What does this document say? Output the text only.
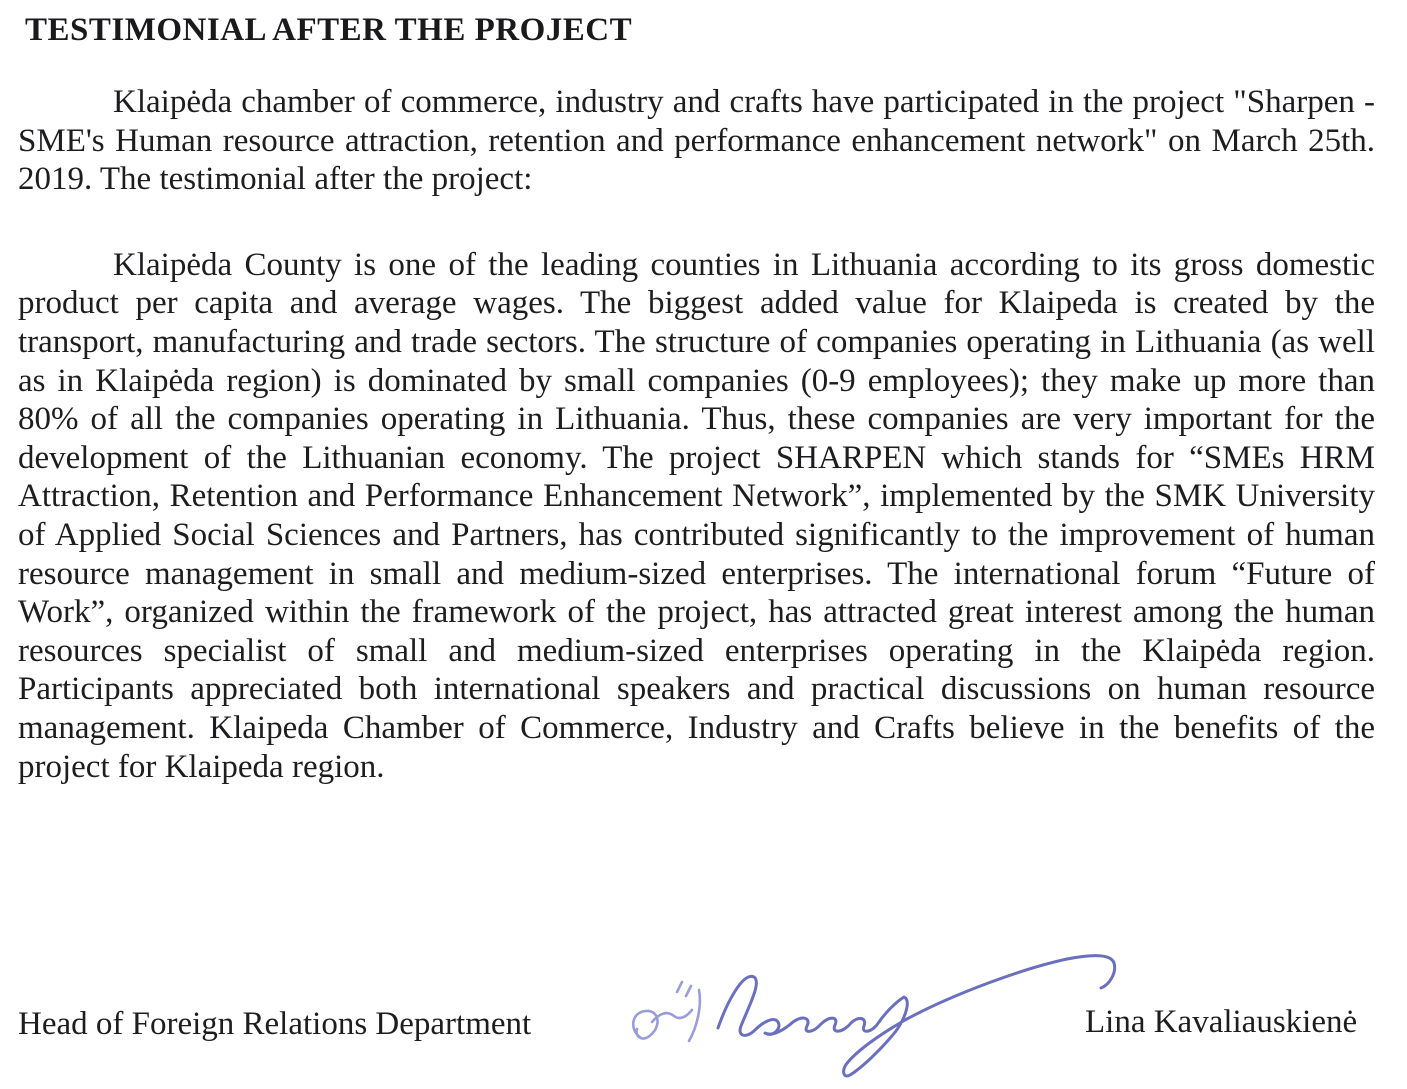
TESTIMONIAL AFTER THE PROJECT

Klaipėda chamber of commerce, industry and crafts have participated in the project "Sharpen - SME's Human resource attraction, retention and performance enhancement network" on March 25th. 2019. The testimonial after the project:

Klaipėda County is one of the leading counties in Lithuania according to its gross domestic product per capita and average wages. The biggest added value for Klaipeda is created by the transport, manufacturing and trade sectors. The structure of companies operating in Lithuania (as well as in Klaipėda region) is dominated by small companies (0-9 employees); they make up more than 80% of all the companies operating in Lithuania. Thus, these companies are very important for the development of the Lithuanian economy. The project SHARPEN which stands for “SMEs HRM Attraction, Retention and Performance Enhancement Network”, implemented by the SMK University of Applied Social Sciences and Partners, has contributed significantly to the improvement of human resource management in small and medium-sized enterprises. The international forum “Future of Work”, organized within the framework of the project, has attracted great interest among the human resources specialist of small and medium-sized enterprises operating in the Klaipėda region. Participants appreciated both international speakers and practical discussions on human resource management. Klaipeda Chamber of Commerce, Industry and Crafts believe in the benefits of the project for Klaipeda region.

Head of Foreign Relations Department	Lina Kavaliauskienė
